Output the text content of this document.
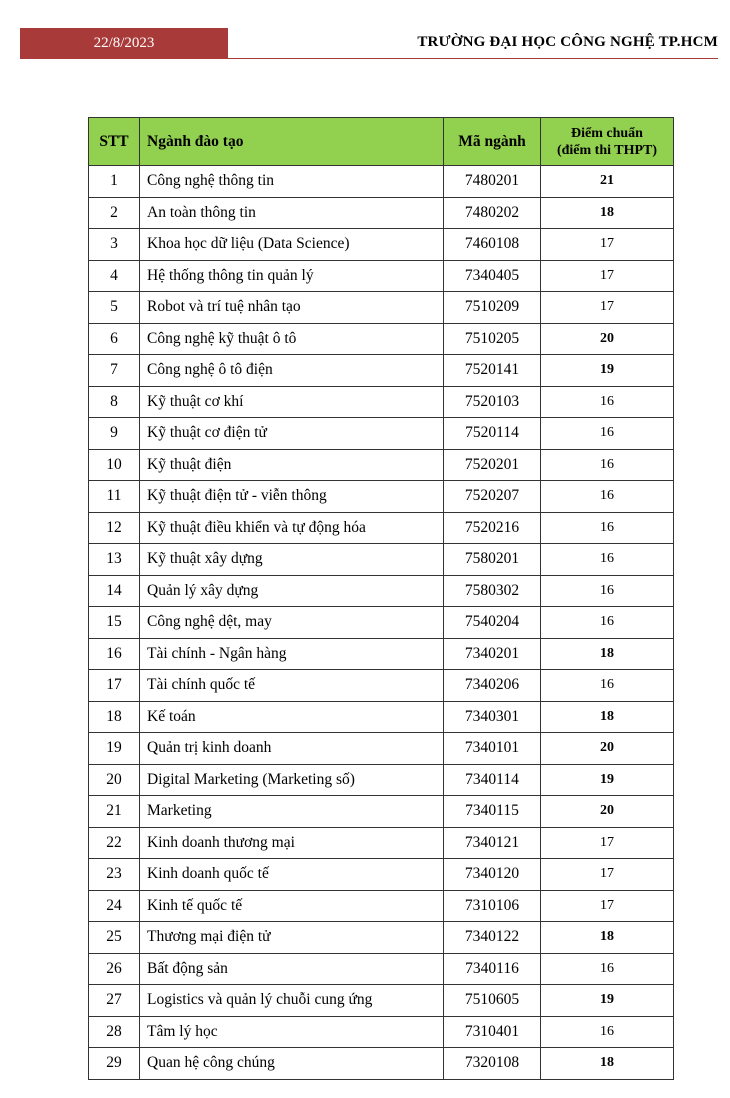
22/8/2023	TRƯỜNG ĐẠI HỌC CÔNG NGHỆ TP.HCM
STT	Ngành đào tạo	Mã ngành	Điểm chuẩn
(điểm thi THPT)

1	Công nghệ thông tin	7480201	21
2	An toàn thông tin	7480202	18
3	Khoa học dữ liệu (Data Science)	7460108	17
4	Hệ thống thông tin quản lý	7340405	17
5	Robot và trí tuệ nhân tạo	7510209	17
6	Công nghệ kỹ thuật ô tô	7510205	20
7	Công nghệ ô tô điện	7520141	19
8	Kỹ thuật cơ khí	7520103	16
9	Kỹ thuật cơ điện tử	7520114	16
10	Kỹ thuật điện	7520201	16
11	Kỹ thuật điện tử - viễn thông	7520207	16
12	Kỹ thuật điều khiển và tự động hóa	7520216	16
13	Kỹ thuật xây dựng	7580201	16
14	Quản lý xây dựng	7580302	16
15	Công nghệ dệt, may	7540204	16
16	Tài chính - Ngân hàng	7340201	18
17	Tài chính quốc tế	7340206	16
18	Kế toán	7340301	18
19	Quản trị kinh doanh	7340101	20
20	Digital Marketing (Marketing số)	7340114	19
21	Marketing	7340115	20
22	Kinh doanh thương mại	7340121	17
23	Kinh doanh quốc tế	7340120	17
24	Kinh tế quốc tế	7310106	17
25	Thương mại điện tử	7340122	18
26	Bất động sản	7340116	16
27	Logistics và quản lý chuỗi cung ứng	7510605	19
28	Tâm lý học	7310401	16
29	Quan hệ công chúng	7320108	18
